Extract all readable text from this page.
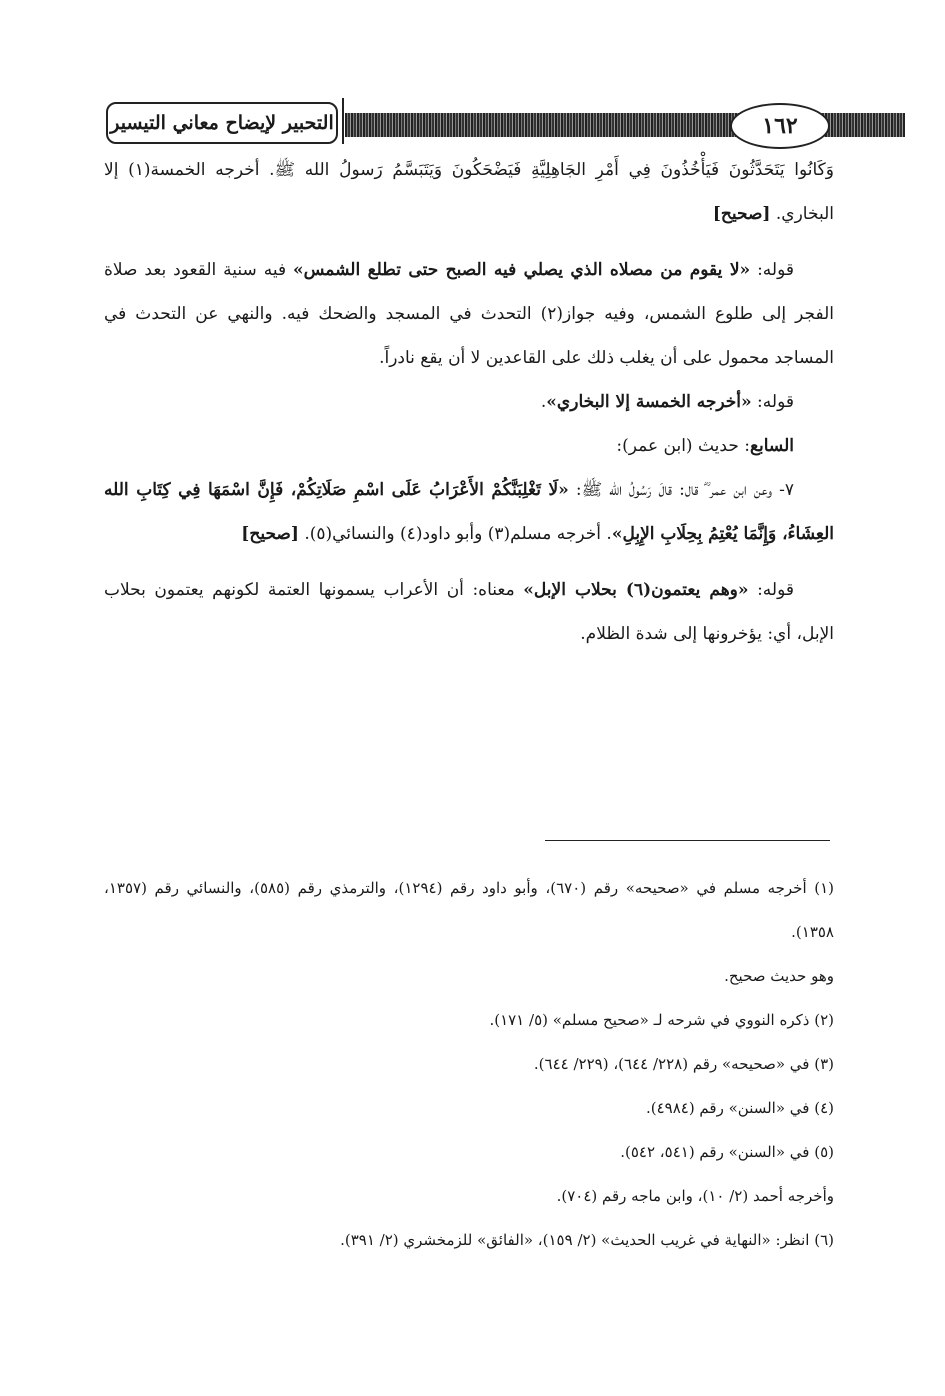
١٦٢
التحبير لإيضاح معاني التيسير

وَكَانُوا يَتَحَدَّثُونَ فَيَأْخُذُونَ فِي أَمْرِ الجَاهِلِيَّةِ فَيَضْحَكُونَ وَيَتَبَسَّمُ رَسولُ الله ﷺ. أخرجه الخمسة(١) إلا البخاري. [صحيح]

قوله: «لا يقوم من مصلاه الذي يصلي فيه الصبح حتى تطلع الشمس» فيه سنية القعود بعد صلاة الفجر إلى طلوع الشمس، وفيه جواز(٢) التحدث في المسجد والضحك فيه. والنهي عن التحدث في المساجد محمول على أن يغلب ذلك على القاعدين لا أن يقع نادراً.

قوله: «أخرجه الخمسة إلا البخاري».

السابع: حديث (ابن عمر):

٧- وعن ابن عمر ؓ قال: قالَ رَسُولُ الله ﷺ: «لَا تَغْلِبَنَّكُمْ الأَعْرَابُ عَلَى اسْمِ صَلَاتِكُمْ، فَإِنَّ اسْمَهَا فِي كِتَابِ الله العِشَاءُ، وَإِنَّمَا يُعْتِمُ بِحِلَابِ الإِبِلِ». أخرجه مسلم(٣) وأبو داود(٤) والنسائي(٥). [صحيح]

قوله: «وهم يعتمون(٦) بحلاب الإبل» معناه: أن الأعراب يسمونها العتمة لكونهم يعتمون بحلاب الإبل، أي: يؤخرونها إلى شدة الظلام.

(١) أخرجه مسلم في «صحيحه» رقم (٦٧٠)، وأبو داود رقم (١٢٩٤)، والترمذي رقم (٥٨٥)، والنسائي رقم (١٣٥٧، ١٣٥٨).

وهو حديث صحيح.

(٢) ذكره النووي في شرحه لـ «صحيح مسلم» (٥/ ١٧١).

(٣) في «صحيحه» رقم (٢٢٨/ ٦٤٤)، (٢٢٩/ ٦٤٤).

(٤) في «السنن» رقم (٤٩٨٤).

(٥) في «السنن» رقم (٥٤١، ٥٤٢).

وأخرجه أحمد (٢/ ١٠)، وابن ماجه رقم (٧٠٤).

(٦) انظر: «النهاية في غريب الحديث» (٢/ ١٥٩)، «الفائق» للزمخشري (٢/ ٣٩١).
